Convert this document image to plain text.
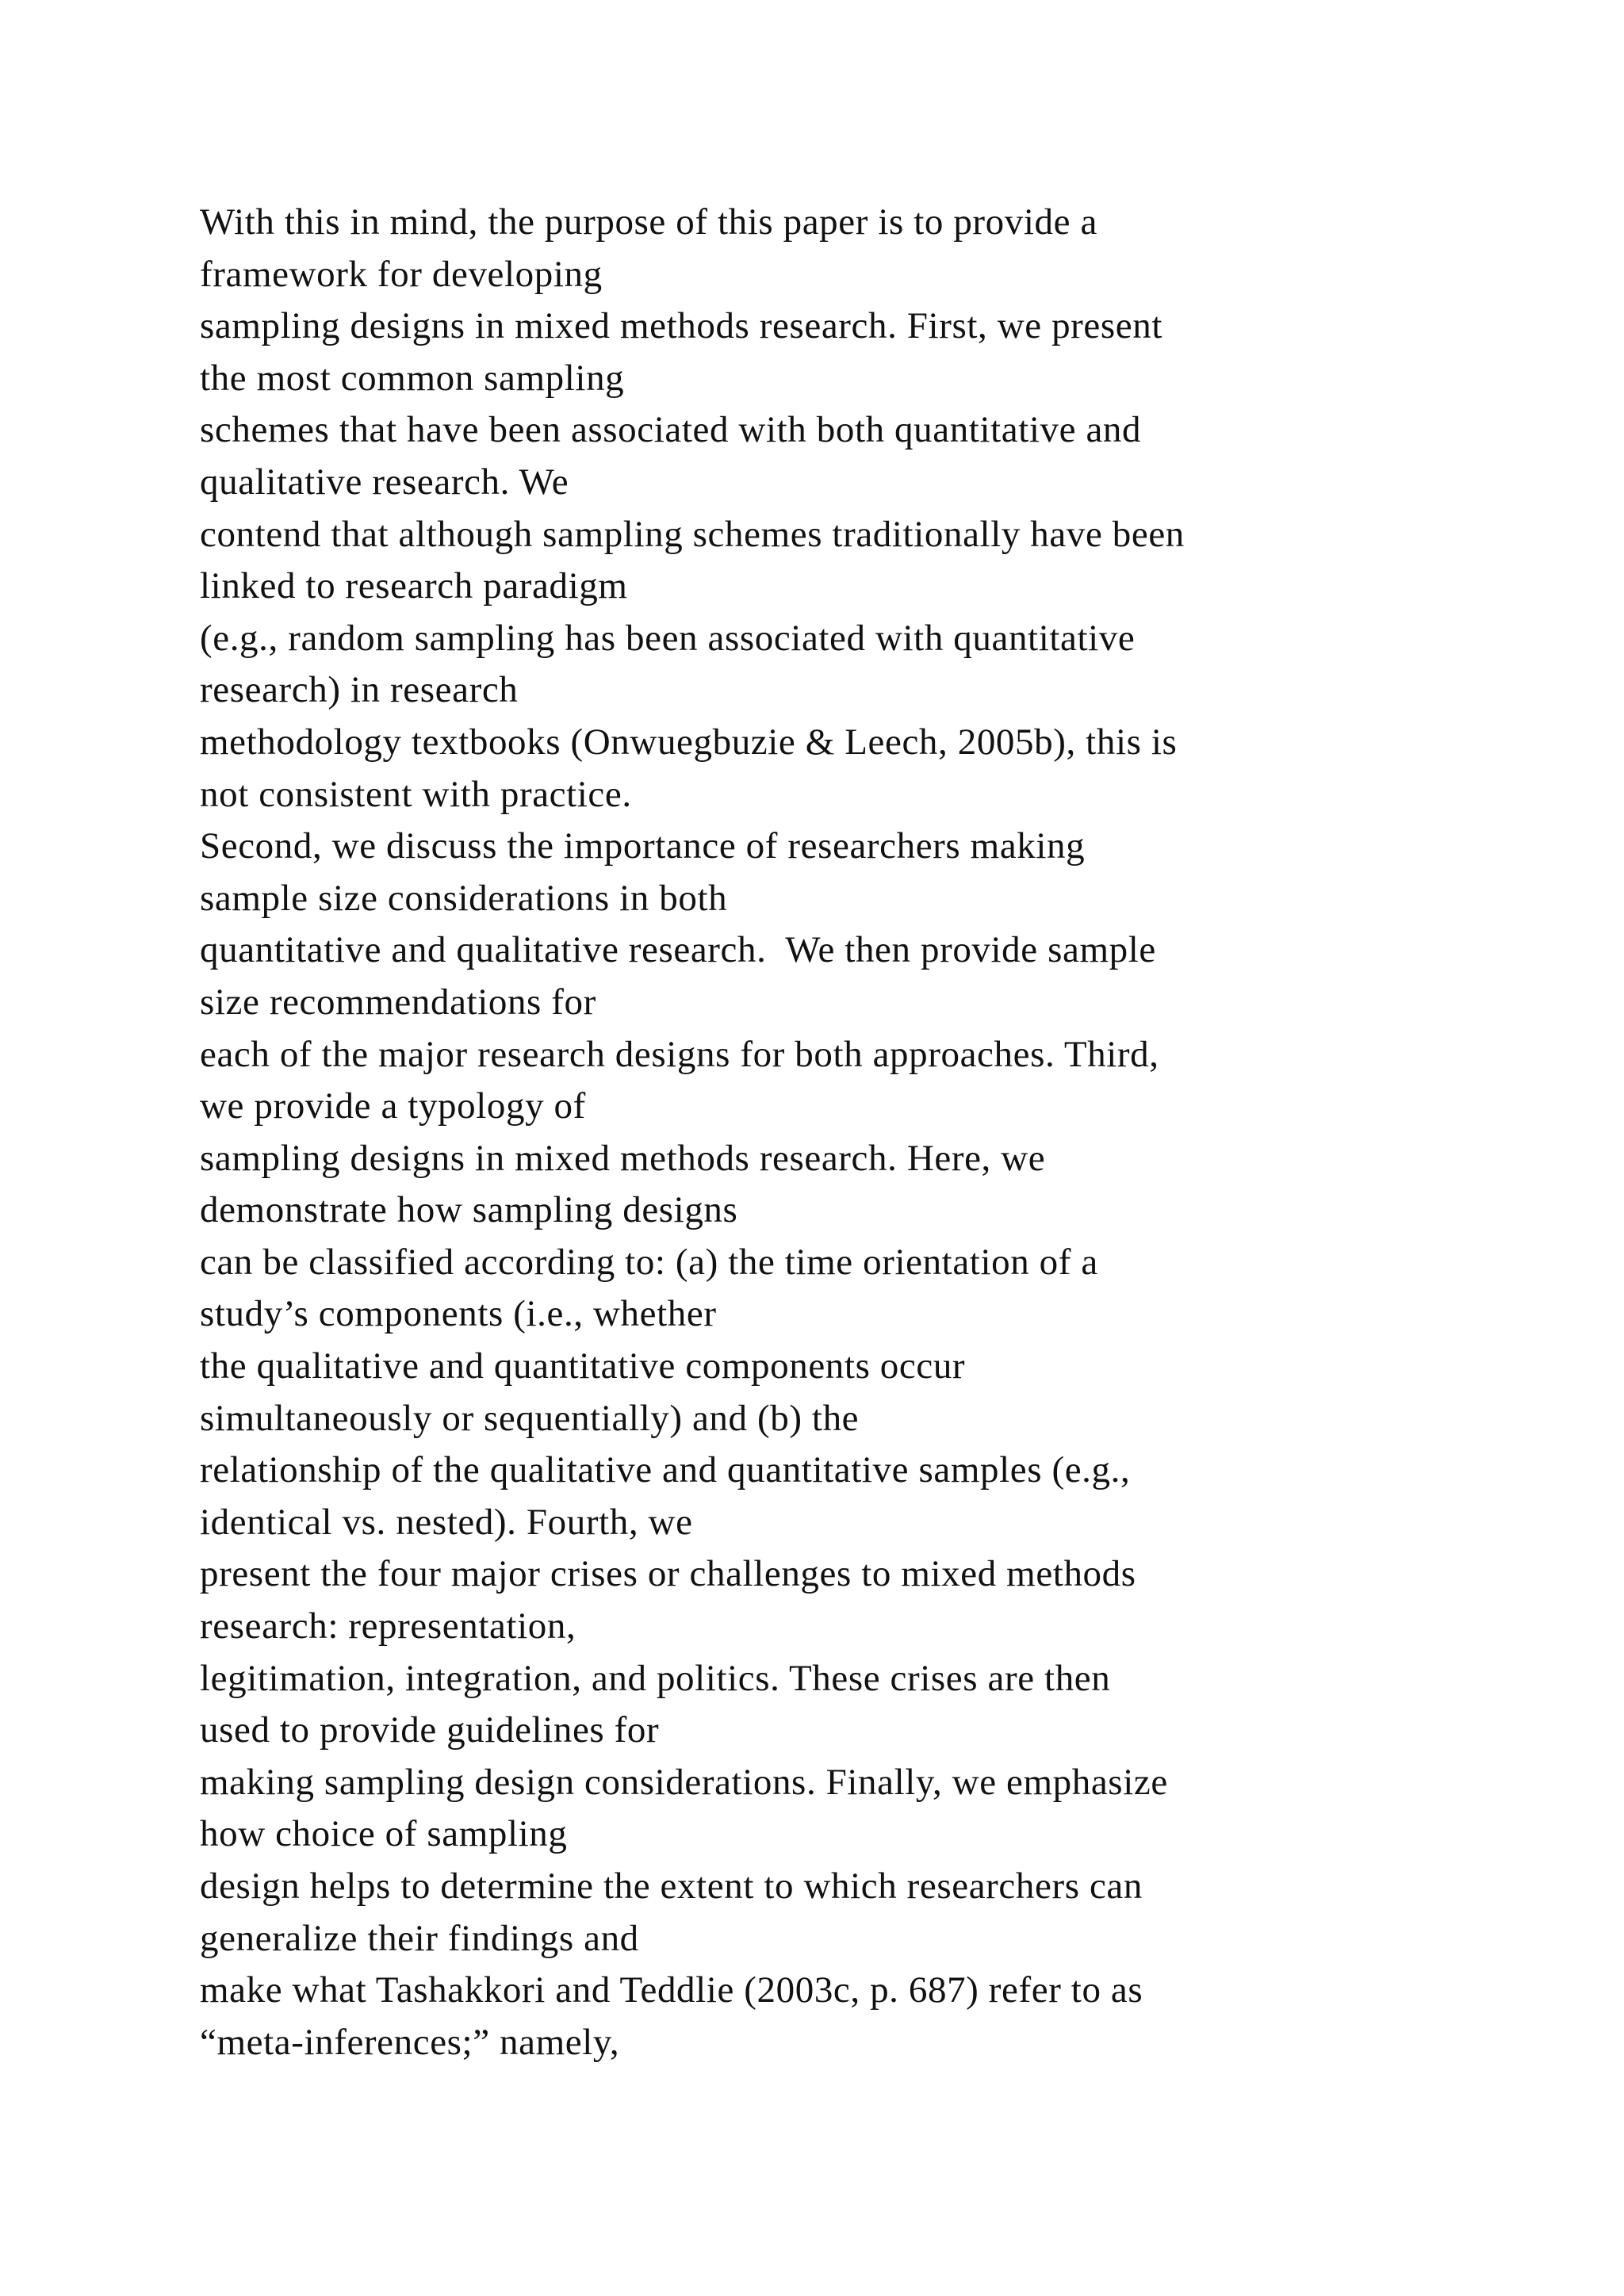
With this in mind, the purpose of this paper is to provide a
framework for developing
sampling designs in mixed methods research. First, we present
the most common sampling
schemes that have been associated with both quantitative and
qualitative research. We
contend that although sampling schemes traditionally have been
linked to research paradigm
(e.g., random sampling has been associated with quantitative
research) in research
methodology textbooks (Onwuegbuzie & Leech, 2005b), this is
not consistent with practice.
Second, we discuss the importance of researchers making
sample size considerations in both
quantitative and qualitative research.  We then provide sample
size recommendations for
each of the major research designs for both approaches. Third,
we provide a typology of
sampling designs in mixed methods research. Here, we
demonstrate how sampling designs
can be classified according to: (a) the time orientation of a
study’s components (i.e., whether
the qualitative and quantitative components occur
simultaneously or sequentially) and (b) the
relationship of the qualitative and quantitative samples (e.g.,
identical vs. nested). Fourth, we
present the four major crises or challenges to mixed methods
research: representation,
legitimation, integration, and politics. These crises are then
used to provide guidelines for
making sampling design considerations. Finally, we emphasize
how choice of sampling
design helps to determine the extent to which researchers can
generalize their findings and
make what Tashakkori and Teddlie (2003c, p. 687) refer to as
“meta-inferences;” namely,
